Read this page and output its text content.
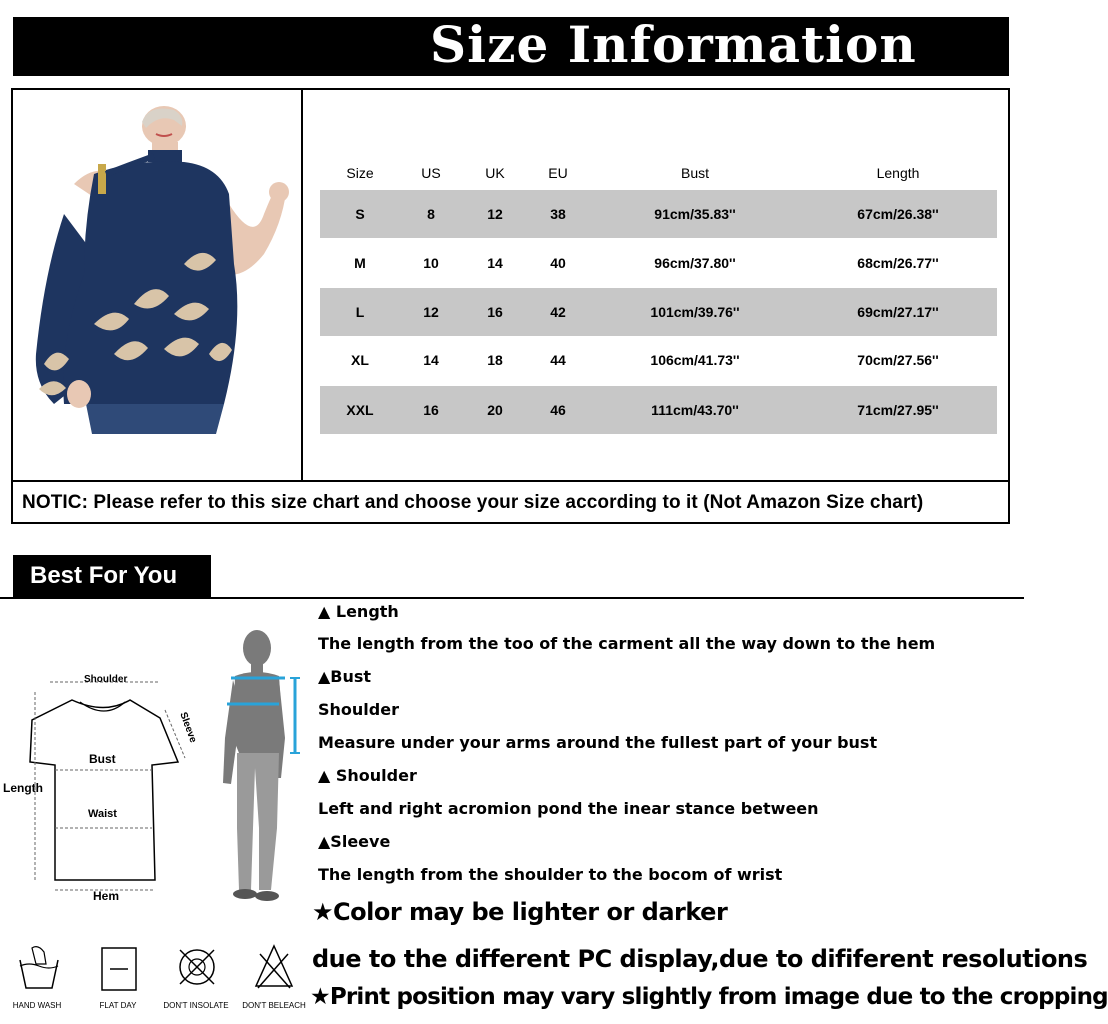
Size Information
Size	US	UK	EU	Bust	Length
S	8	12	38	91cm/35.83''	67cm/26.38''
M	10	14	40	96cm/37.80''	68cm/26.77''
L	12	16	42	101cm/39.76''	69cm/27.17''
XL	14	18	44	106cm/41.73''	70cm/27.56''
XXL	16	20	46	111cm/43.70''	71cm/27.95''
NOTIC: Please refer to this size chart and choose your size according to it (Not Amazon Size chart)
Best For You
Shoulder
Sleeve
Bust
Length
Waist
Hem
▲ Length
The length from the too of the carment all the way down to the hem
▲Bust
Shoulder
Measure under your arms around the fullest part of your bust
▲ Shoulder
Left and right acromion pond the inear stance between
▲Sleeve
The length from the shoulder to the bocom of wrist
★Color may be lighter or darker
due to the different PC display,due to dififerent resolutions
★Print position may vary slightly from image due to the cropping
HAND WASH	FLAT DAY	DON'T INSOLATE DON'T BELEACH
